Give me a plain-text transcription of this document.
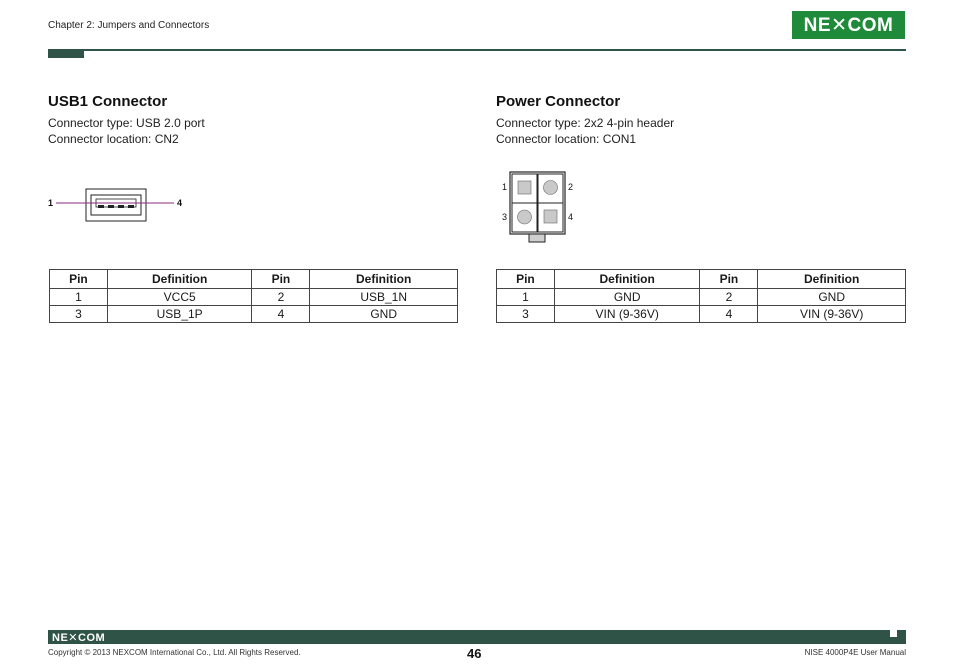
Chapter 2: Jumpers and Connectors	NE✕COM
USB1 Connector
Connector type: USB 2.0 port
Connector location: CN2
1	4
Pin	Definition	Pin	Definition
1	VCC5	2	USB_1N
3	USB_1P	4	GND
Power Connector
Connector type: 2x2 4-pin header
Connector location: CON1
1	2
3	4
Pin	Definition	Pin	Definition
1	GND	2	GND
3	VIN (9-36V)	4	VIN (9-36V)
NE✕COM
Copyright © 2013 NEXCOM International Co., Ltd. All Rights Reserved.	46	NISE 4000P4E User Manual
